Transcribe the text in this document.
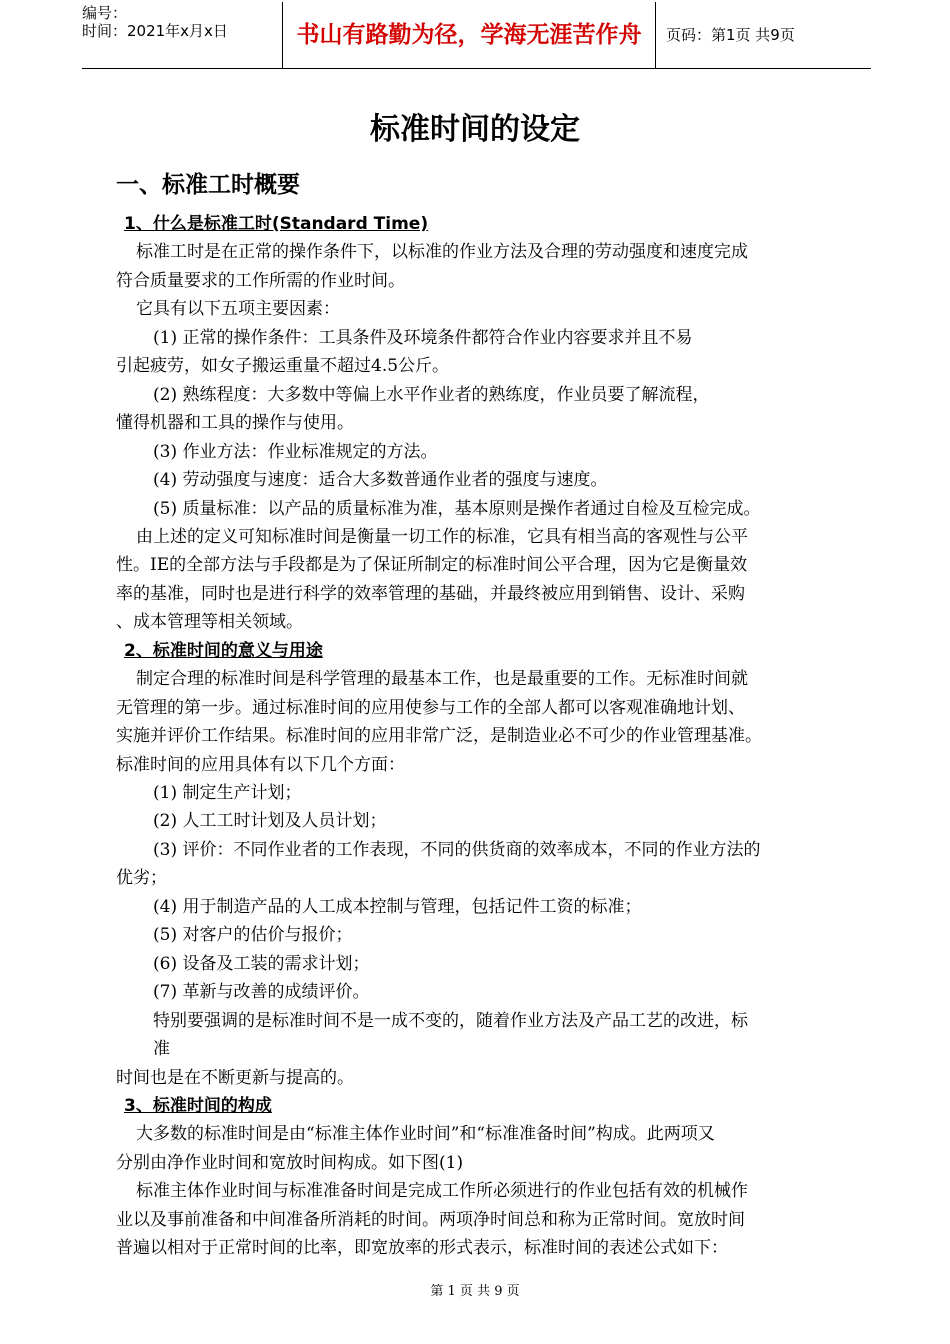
编号：
时间：2021年x月x日	书山有路勤为径，学海无涯苦作舟	页码：第1页 共9页
标准时间的设定
一、标准工时概要
1、什么是标准工时(Standard Time)
标准工时是在正常的操作条件下，以标准的作业方法及合理的劳动强度和速度完成
符合质量要求的工作所需的作业时间。
它具有以下五项主要因素：
(1) 正常的操作条件：工具条件及环境条件都符合作业内容要求并且不易
引起疲劳，如女子搬运重量不超过4.5公斤。
(2) 熟练程度：大多数中等偏上水平作业者的熟练度，作业员要了解流程，
懂得机器和工具的操作与使用。
(3) 作业方法：作业标准规定的方法。
(4) 劳动强度与速度：适合大多数普通作业者的强度与速度。
(5) 质量标准：以产品的质量标准为准，基本原则是操作者通过自检及互检完成。
由上述的定义可知标准时间是衡量一切工作的标准，它具有相当高的客观性与公平
性。IE的全部方法与手段都是为了保证所制定的标准时间公平合理，因为它是衡量效
率的基准，同时也是进行科学的效率管理的基础，并最终被应用到销售、设计、采购
、成本管理等相关领域。
2、标准时间的意义与用途
制定合理的标准时间是科学管理的最基本工作，也是最重要的工作。无标准时间就
无管理的第一步。通过标准时间的应用使参与工作的全部人都可以客观准确地计划、
实施并评价工作结果。标准时间的应用非常广泛，是制造业必不可少的作业管理基准。
标准时间的应用具体有以下几个方面：
(1) 制定生产计划；
(2) 人工工时计划及人员计划；
(3) 评价：不同作业者的工作表现，不同的供货商的效率成本，不同的作业方法的
优劣；
(4) 用于制造产品的人工成本控制与管理，包括记件工资的标准；
(5) 对客户的估价与报价；
(6) 设备及工装的需求计划；
(7) 革新与改善的成绩评价。
特别要强调的是标准时间不是一成不变的，随着作业方法及产品工艺的改进，标
准
时间也是在不断更新与提高的。
3、标准时间的构成
大多数的标准时间是由“标准主体作业时间”和“标准准备时间”构成。此两项又
分别由净作业时间和宽放时间构成。如下图(1)
标准主体作业时间与标准准备时间是完成工作所必须进行的作业包括有效的机械作
业以及事前准备和中间准备所消耗的时间。两项净时间总和称为正常时间。宽放时间
普遍以相对于正常时间的比率，即宽放率的形式表示，标准时间的表述公式如下：
第 1 页 共 9 页
